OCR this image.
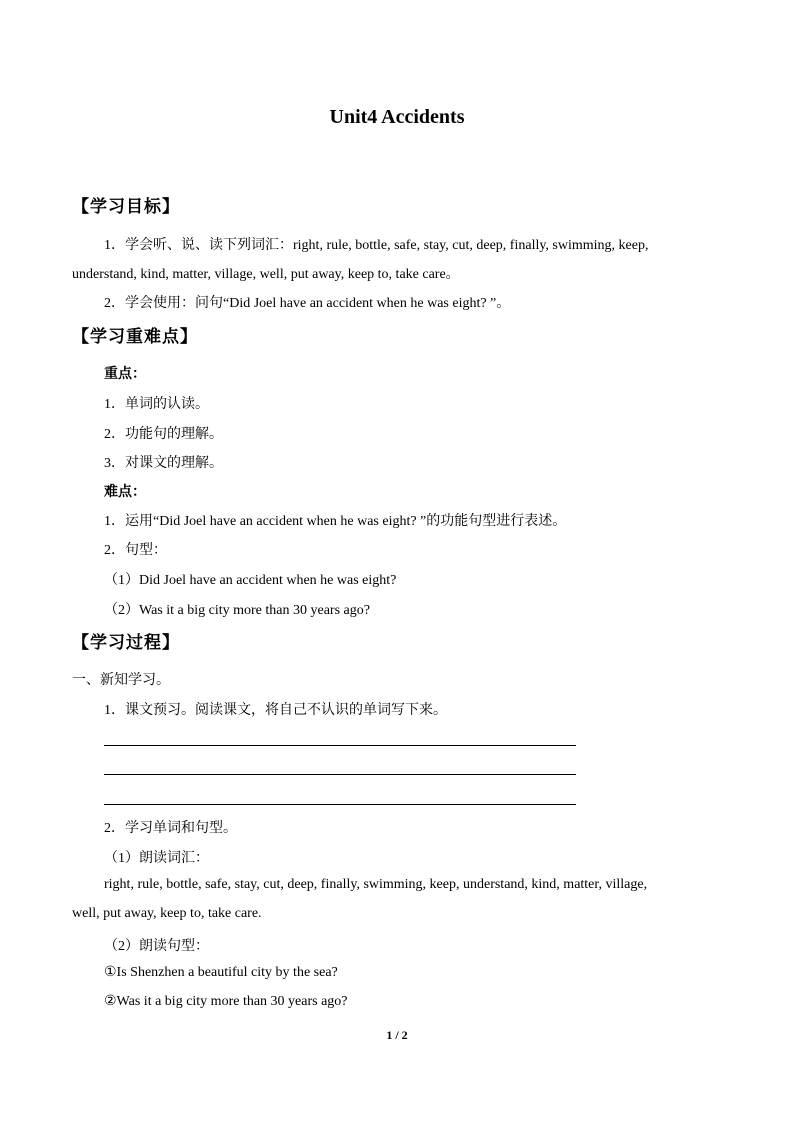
Unit4 Accidents
【学习目标】
1．学会听、说、读下列词汇：right, rule, bottle, safe, stay, cut, deep, finally, swimming, keep,
understand, kind, matter, village, well, put away, keep to, take care。
2．学会使用：问句“Did Joel have an accident when he was eight? ”。
【学习重难点】
重点：
1．单词的认读。
2．功能句的理解。
3．对课文的理解。
难点：
1．运用“Did Joel have an accident when he was eight? ”的功能句型进行表述。
2．句型：
（1）Did Joel have an accident when he was eight?
（2）Was it a big city more than 30 years ago?
【学习过程】
一、新知学习。
1．课文预习。阅读课文，将自己不认识的单词写下来。
2．学习单词和句型。
（1）朗读词汇：
right, rule, bottle, safe, stay, cut, deep, finally, swimming, keep, understand, kind, matter, village,
well, put away, keep to, take care.
（2）朗读句型：
①Is Shenzhen a beautiful city by the sea?
②Was it a big city more than 30 years ago?
1 / 2
